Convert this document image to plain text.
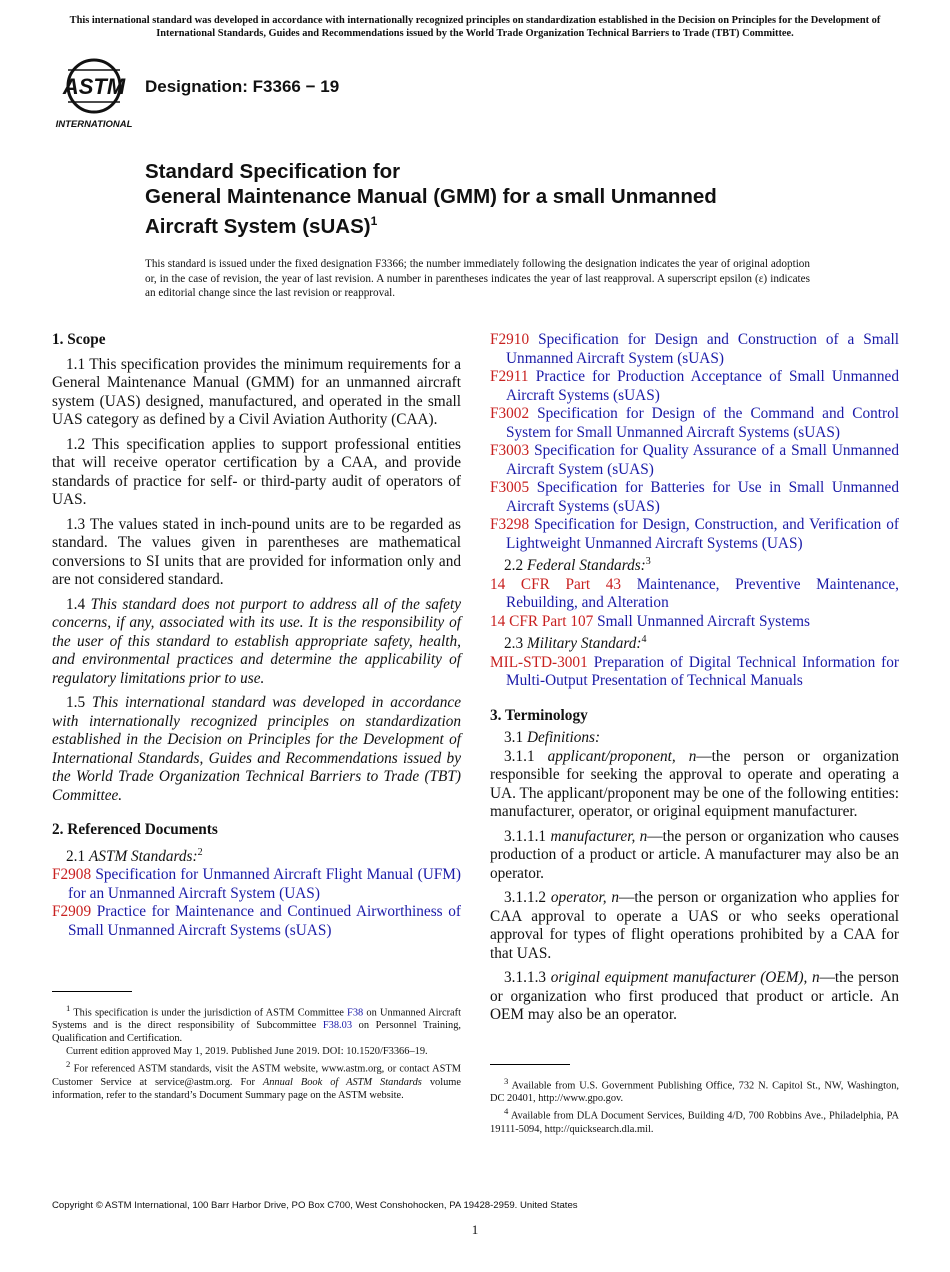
This international standard was developed in accordance with internationally recognized principles on standardization established in the Decision on Principles for the Development of International Standards, Guides and Recommendations issued by the World Trade Organization Technical Barriers to Trade (TBT) Committee.
ASTM
INTERNATIONAL
Designation: F3366 − 19
Standard Specification for
General Maintenance Manual (GMM) for a small Unmanned
Aircraft System (sUAS)$^1$
This standard is issued under the fixed designation F3366; the number immediately following the designation indicates the year of original adoption or, in the case of revision, the year of last revision. A number in parentheses indicates the year of last reapproval. A superscript epsilon (ε) indicates an editorial change since the last revision or reapproval.
1. Scope
1.1 This specification provides the minimum requirements for a General Maintenance Manual (GMM) for an unmanned aircraft system (UAS) designed, manufactured, and operated in the small UAS category as defined by a Civil Aviation Authority (CAA).
1.2 This specification applies to support professional entities that will receive operator certification by a CAA, and provide standards of practice for self- or third-party audit of operators of UAS.
1.3 The values stated in inch-pound units are to be regarded as standard. The values given in parentheses are mathematical conversions to SI units that are provided for information only and are not considered standard.
1.4 This standard does not purport to address all of the safety concerns, if any, associated with its use. It is the responsibility of the user of this standard to establish appropriate safety, health, and environmental practices and determine the applicability of regulatory limitations prior to use.
1.5 This international standard was developed in accordance with internationally recognized principles on standardization established in the Decision on Principles for the Development of International Standards, Guides and Recommendations issued by the World Trade Organization Technical Barriers to Trade (TBT) Committee.
2. Referenced Documents
2.1 ASTM Standards:$^2$
F2908 Specification for Unmanned Aircraft Flight Manual (UFM) for an Unmanned Aircraft System (UAS)
F2909 Practice for Maintenance and Continued Airworthiness of Small Unmanned Aircraft Systems (sUAS)
F2910 Specification for Design and Construction of a Small Unmanned Aircraft System (sUAS)
F2911 Practice for Production Acceptance of Small Unmanned Aircraft Systems (sUAS)
F3002 Specification for Design of the Command and Control System for Small Unmanned Aircraft Systems (sUAS)
F3003 Specification for Quality Assurance of a Small Unmanned Aircraft System (sUAS)
F3005 Specification for Batteries for Use in Small Unmanned Aircraft Systems (sUAS)
F3298 Specification for Design, Construction, and Verification of Lightweight Unmanned Aircraft Systems (UAS)
2.2 Federal Standards:$^3$
14 CFR Part 43 Maintenance, Preventive Maintenance, Rebuilding, and Alteration
14 CFR Part 107 Small Unmanned Aircraft Systems
2.3 Military Standard:$^4$
MIL-STD-3001 Preparation of Digital Technical Information for Multi-Output Presentation of Technical Manuals
3. Terminology
3.1 Definitions:
3.1.1 applicant/proponent, n—the person or organization responsible for seeking the approval to operate and operating a UA. The applicant/proponent may be one of the following entities: manufacturer, operator, or original equipment manufacturer.
3.1.1.1 manufacturer, n—the person or organization who causes production of a product or article. A manufacturer may also be an operator.
3.1.1.2 operator, n—the person or organization who applies for CAA approval to operate a UAS or who seeks operational approval for types of flight operations prohibited by a CAA for that UAS.
3.1.1.3 original equipment manufacturer (OEM), n—the person or organization who first produced that product or article. An OEM may also be an operator.

$^1$ This specification is under the jurisdiction of ASTM Committee F38 on Unmanned Aircraft Systems and is the direct responsibility of Subcommittee F38.03 on Personnel Training, Qualification and Certification.

Current edition approved May 1, 2019. Published June 2019. DOI: 10.1520/F3366–19.

$^2$ For referenced ASTM standards, visit the ASTM website, www.astm.org, or contact ASTM Customer Service at service@astm.org. For Annual Book of ASTM Standards volume information, refer to the standard’s Document Summary page on the ASTM website.

$^3$ Available from U.S. Government Publishing Office, 732 N. Capitol St., NW, Washington, DC 20401, http://www.gpo.gov.

$^4$ Available from DLA Document Services, Building 4/D, 700 Robbins Ave., Philadelphia, PA 19111-5094, http://quicksearch.dla.mil.

Copyright © ASTM International, 100 Barr Harbor Drive, PO Box C700, West Conshohocken, PA 19428-2959. United States
1
